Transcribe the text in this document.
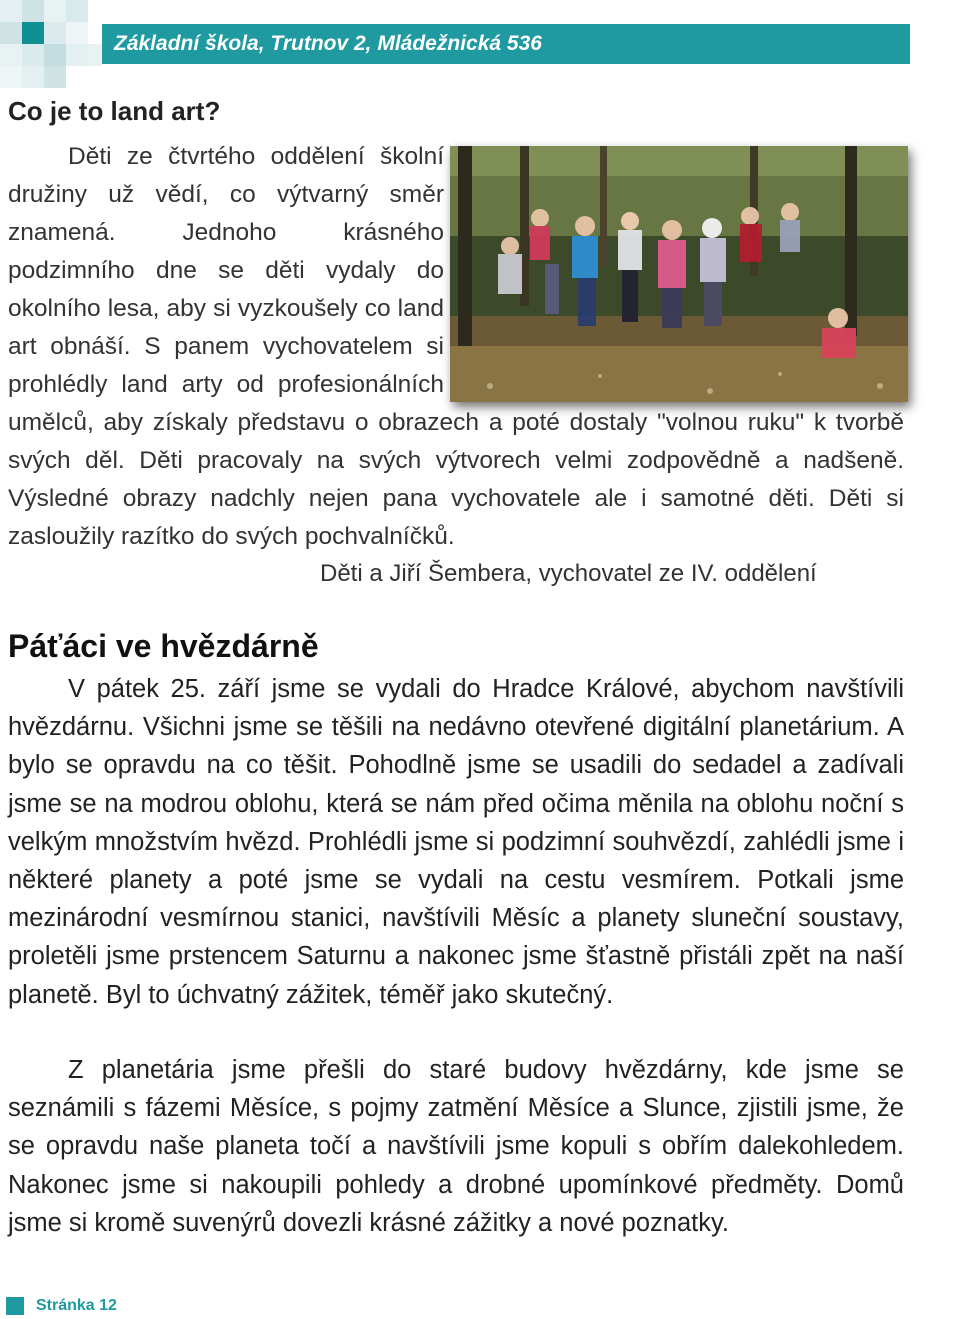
Základní škola, Trutnov 2, Mládežnická 536
Co je to land art?

Děti ze čtvrtého oddělení školní družiny už vědí, co výtvarný směr znamená. Jednoho krásného podzimního dne se děti vydaly do okolního lesa, aby si vyzkoušely co land art obnáší. S panem vychovatelem si prohlédly land arty od profesionálních umělců, aby získaly představu o obrazech a poté dostaly "volnou ruku" k tvorbě svých děl. Děti pracovaly na svých výtvorech velmi zodpovědně a nadšeně. Výsledné obrazy nadchly nejen pana vychovatele ale i samotné děti. Děti si zasloužily razítko do svých pochvalníčků.

Děti a Jiří Šembera, vychovatel ze IV. oddělení

Páťáci ve hvězdárně

V pátek 25. září jsme se vydali do Hradce Králové, abychom navštívili hvězdárnu. Všichni jsme se těšili na nedávno otevřené digitální planetárium. A bylo se opravdu na co těšit. Pohodlně jsme se usadili do sedadel a zadívali jsme se na modrou oblohu, která se nám před očima měnila na oblohu noční s velkým množstvím hvězd. Prohlédli jsme si podzimní souhvězdí, zahlédli jsme i některé planety a poté jsme se vydali na cestu vesmírem. Potkali jsme mezinárodní vesmírnou stanici, navštívili Měsíc a planety sluneční soustavy, proletěli jsme prstencem Saturnu a nakonec jsme šťastně přistáli zpět na naší planetě. Byl to úchvatný zážitek, téměř jako skutečný.

Z planetária jsme přešli do staré budovy hvězdárny, kde jsme se seznámili s fázemi Měsíce, s pojmy zatmění Měsíce a Slunce, zjistili jsme, že se opravdu naše planeta točí a navštívili jsme kopuli s obřím dalekohledem. Nakonec jsme si nakoupili pohledy a drobné upomínkové předměty. Domů jsme si kromě suvenýrů dovezli krásné zážitky a nové poznatky.

Stránka 12
